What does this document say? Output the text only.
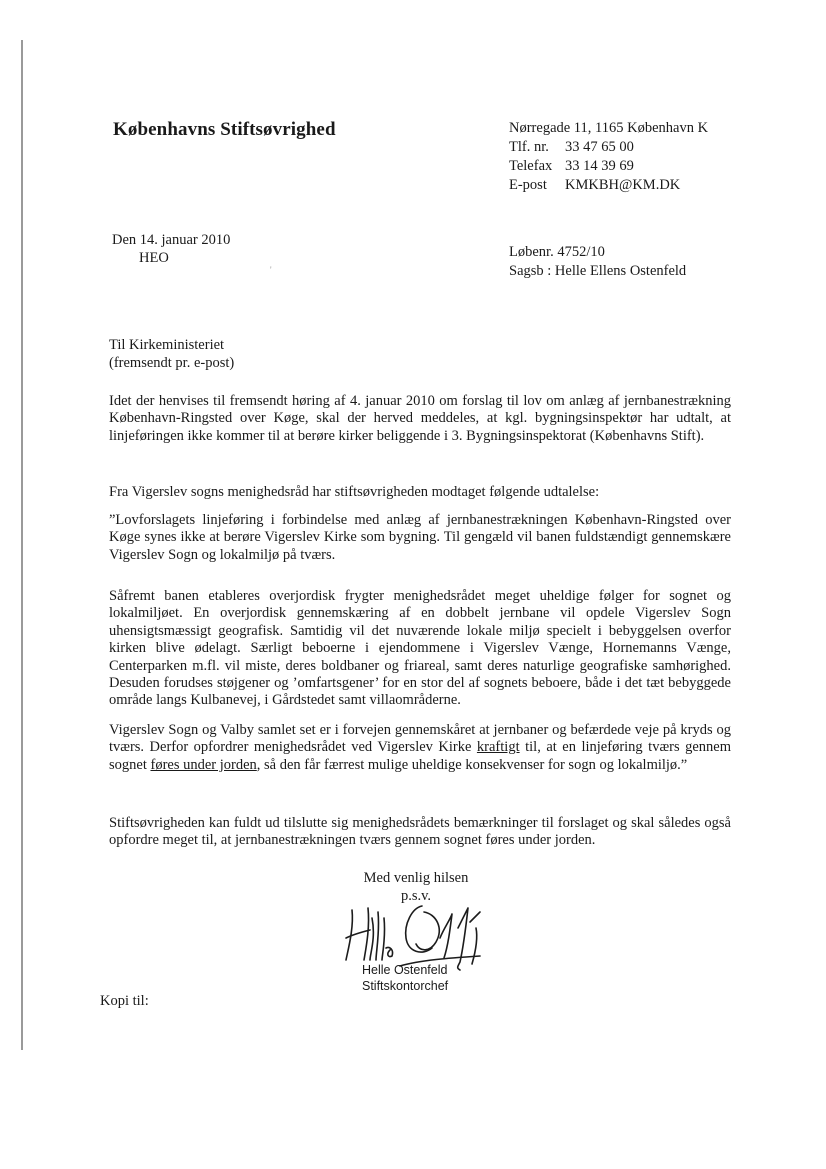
Københavns Stiftsøvrighed	Nørregade 11, 1165 København K
Tlf. nr. 33 47 65 00
Telefax 33 14 39 69
E-post KMKBH@KM.DK
Den 14. januar 2010
HEO
'
Løbenr. 4752/10
Sagsb : Helle Ellens Ostenfeld
Til Kirkeministeriet
(fremsendt pr. e-post)
Idet der henvises til fremsendt høring af 4. januar 2010 om forslag til lov om anlæg af jernbanestrækning København-Ringsted over Køge, skal der herved meddeles, at kgl. bygningsinspektør har udtalt, at linjeføringen ikke kommer til at berøre kirker beliggende i 3. Bygningsinspektorat (Københavns Stift).
Fra Vigerslev sogns menighedsråd har stiftsøvrigheden modtaget følgende udtalelse:
”Lovforslagets linjeføring i forbindelse med anlæg af jernbanestrækningen København-Ringsted over Køge synes ikke at berøre Vigerslev Kirke som bygning. Til gengæld vil banen fuldstændigt gennemskære Vigerslev Sogn og lokalmiljø på tværs.
Såfremt banen etableres overjordisk frygter menighedsrådet meget uheldige følger for sognet og lokalmiljøet. En overjordisk gennemskæring af en dobbelt jernbane vil opdele Vigerslev Sogn uhensigtsmæssigt geografisk. Samtidig vil det nuværende lokale miljø specielt i bebyggelsen overfor kirken blive ødelagt. Særligt beboerne i ejendommene i Vigerslev Vænge, Hornemanns Vænge, Centerparken m.fl. vil miste, deres boldbaner og friareal, samt deres naturlige geografiske samhørighed. Desuden forudses støjgener og ’omfartsgener’ for en stor del af sognets beboere, både i det tæt bebyggede område langs Kulbanevej, i Gårdstedet samt villaområderne.
Vigerslev Sogn og Valby samlet set er i forvejen gennemskåret at jernbaner og befærdede veje på kryds og tværs. Derfor opfordrer menighedsrådet ved Vigerslev Kirke kraftigt til, at en linjeføring tværs gennem sognet føres under jorden, så den får færrest mulige uheldige konsekvenser for sogn og lokalmiljø.”
Stiftsøvrigheden kan fuldt ud tilslutte sig menighedsrådets bemærkninger til forslaget og skal således også opfordre meget til, at jernbanestrækningen tværs gennem sognet føres under jorden.
Med venlig hilsen
p.s.v.
Helle Ostenfeld
Stiftskontorchef
Kopi til:
